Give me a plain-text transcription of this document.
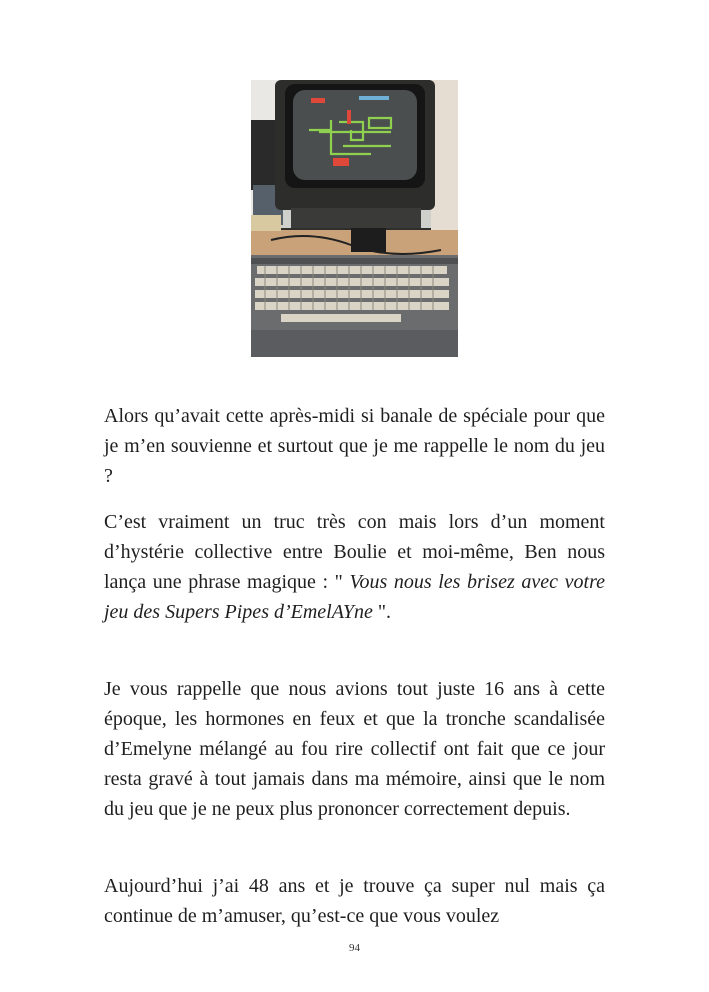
Alors qu’avait cette après-midi si banale de spéciale pour que je m’en souvienne et surtout que je me rappelle le nom du jeu ?

C’est vraiment un truc très con mais lors d’un moment d’hystérie collective entre Boulie et moi-même, Ben nous lança une phrase magique : " Vous nous les brisez avec votre jeu des Supers Pipes d’EmelAYne ".

Je vous rappelle que nous avions tout juste 16 ans à cette époque, les hormones en feux et que la tronche scandalisée d’Emelyne mélangé au fou rire collectif ont fait que ce jour resta gravé à tout jamais dans ma mémoire, ainsi que le nom du jeu que je ne peux plus prononcer correctement depuis.

Aujourd’hui j’ai 48 ans et je trouve ça super nul mais ça continue de m’amuser, qu’est-ce que vous voulez

94
